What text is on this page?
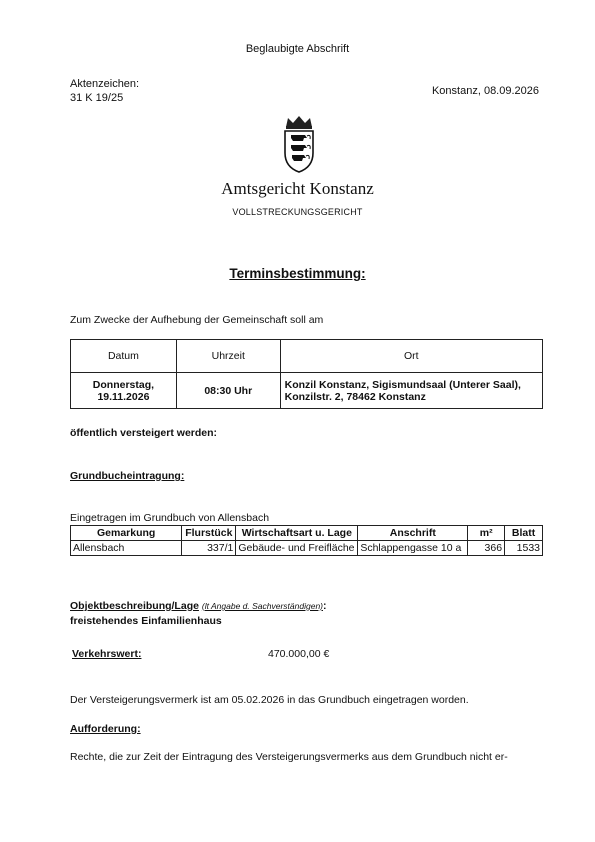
Beglaubigte Abschrift
Aktenzeichen:
31 K 19/25
Konstanz, 08.09.2026
Amtsgericht Konstanz
VOLLSTRECKUNGSGERICHT
Terminsbestimmung:
Zum Zwecke der Aufhebung der Gemeinschaft soll am
Datum	Uhrzeit	Ort

Donnerstag,
19.11.2026	08:30 Uhr	Konzil Konstanz, Sigismundsaal (Unterer Saal), Konzilstr. 2, 78462 Konstanz
öffentlich versteigert werden:
Grundbucheintragung:
Eingetragen im Grundbuch von Allensbach
Gemarkung	Flurstück	Wirtschaftsart u. Lage	Anschrift	m²	Blatt
Allensbach	337/1	Gebäude- und Freifläche	Schlappengasse 10 a	366	1533
Objektbeschreibung/Lage (lt Angabe d. Sachverständigen):
freistehendes Einfamilienhaus
Verkehrswert:	470.000,00 €
Der Versteigerungsvermerk ist am 05.02.2026 in das Grundbuch eingetragen worden.
Aufforderung:
Rechte, die zur Zeit der Eintragung des Versteigerungsvermerks aus dem Grundbuch nicht er-
